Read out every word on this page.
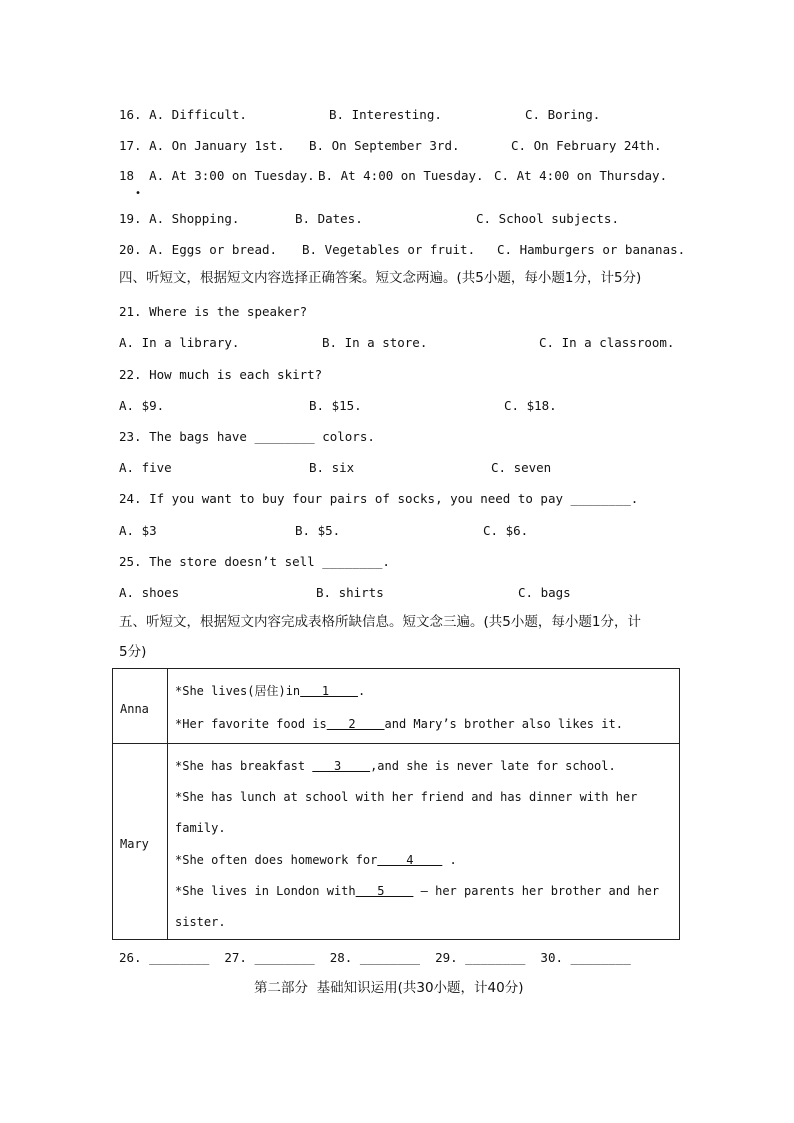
16. A. Difficult.	B. Interesting.	C. Boring.
17. A. On January 1st. B. On September 3rd.	C. On February 24th.
18  A. At 3:00 on Tuesday. B. At 4:00 on Tuesday. C. At 4:00 on Thursday.
•
19. A. Shopping.	B. Dates.	C. School subjects.
20. A. Eggs or bread. B. Vegetables or fruit. C. Hamburgers or bananas.
四、听短文，根据短文内容选择正确答案。短文念两遍。(共5小题，每小题1分，计5分)
21. Where is the speaker?
A. In a library.	B. In a store.	C. In a classroom.
22. How much is each skirt?
A. $9.	B. $15.	C. $18.
23. The bags have ________ colors.
A. five	B. six	C. seven
24. If you want to buy four pairs of socks, you need to pay ________.
A. $3	B. $5.	C. $6.
25. The store doesn’t sell ________.
A. shoes	B. shirts	C. bags
五、听短文，根据短文内容完成表格所缺信息。短文念三遍。(共5小题，每小题1分，计
5分)
Anna
*She lives(居住)in   1    .
*Her favorite food is   2    and Mary’s brother also likes it.
Mary
*She has breakfast    3    ,and she is never late for school.
*She has lunch at school with her friend and has dinner with her
family.
*She often does homework for    4     .
*She lives in London with   5     — her parents her brother and her
sister.
26. ________  27. ________  28. ________  29. ________  30. ________
第二部分  基础知识运用(共30小题，计40分)
